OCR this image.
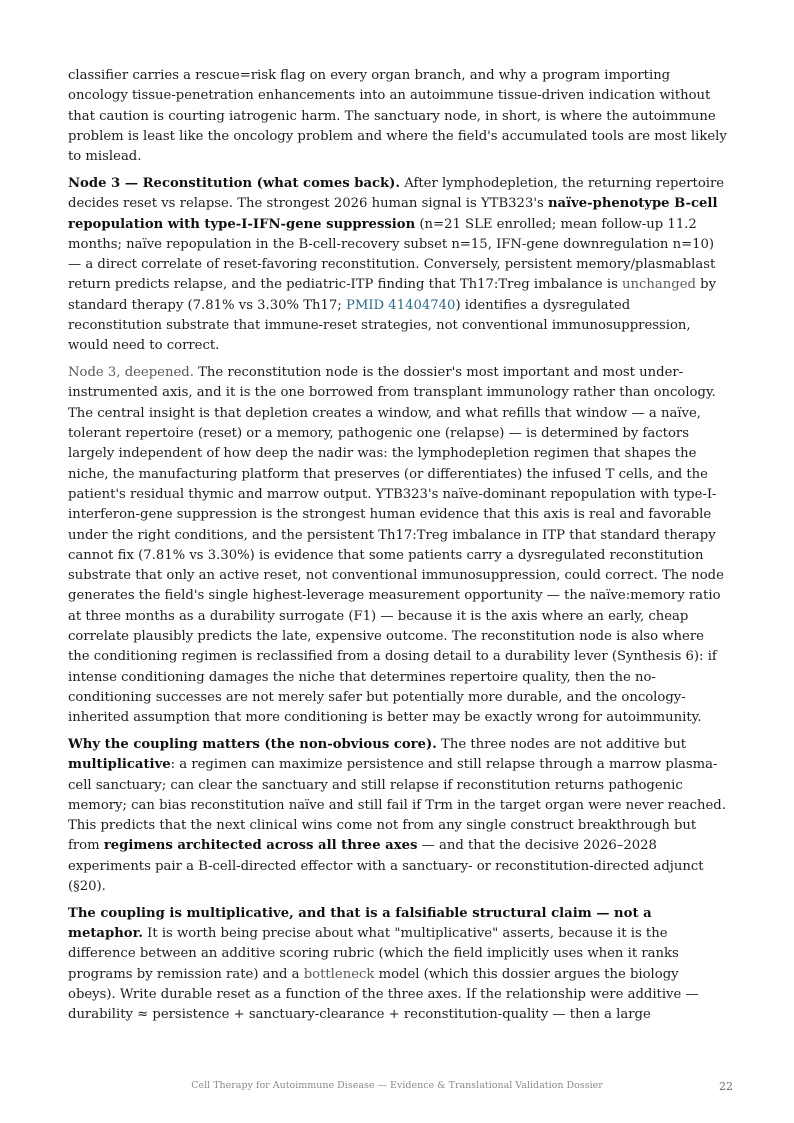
classifier carries a rescue=risk flag on every organ branch, and why a program importing oncology tissue-penetration enhancements into an autoimmune tissue-driven indication without that caution is courting iatrogenic harm. The sanctuary node, in short, is where the autoimmune problem is least like the oncology problem and where the field's accumulated tools are most likely to mislead.

Node 3 — Reconstitution (what comes back). After lymphodepletion, the returning repertoire decides reset vs relapse. The strongest 2026 human signal is YTB323's naïve-phenotype B-cell repopulation with type-I-IFN-gene suppression (n=21 SLE enrolled; mean follow-up 11.2 months; naïve repopulation in the B-cell-recovery subset n=15, IFN-gene downregulation n=10) — a direct correlate of reset-favoring reconstitution. Conversely, persistent memory/plasmablast return predicts relapse, and the pediatric-ITP finding that Th17:Treg imbalance is unchanged by standard therapy (7.81% vs 3.30% Th17; PMID 41404740) identifies a dysregulated reconstitution substrate that immune-reset strategies, not conventional immunosuppression, would need to correct.

Node 3, deepened. The reconstitution node is the dossier's most important and most under-instrumented axis, and it is the one borrowed from transplant immunology rather than oncology. The central insight is that depletion creates a window, and what refills that window — a naïve, tolerant repertoire (reset) or a memory, pathogenic one (relapse) — is determined by factors largely independent of how deep the nadir was: the lymphodepletion regimen that shapes the niche, the manufacturing platform that preserves (or differentiates) the infused T cells, and the patient's residual thymic and marrow output. YTB323's naïve-dominant repopulation with type-I-interferon-gene suppression is the strongest human evidence that this axis is real and favorable under the right conditions, and the persistent Th17:Treg imbalance in ITP that standard therapy cannot fix (7.81% vs 3.30%) is evidence that some patients carry a dysregulated reconstitution substrate that only an active reset, not conventional immunosuppression, could correct. The node generates the field's single highest-leverage measurement opportunity — the naïve:memory ratio at three months as a durability surrogate (F1) — because it is the axis where an early, cheap correlate plausibly predicts the late, expensive outcome. The reconstitution node is also where the conditioning regimen is reclassified from a dosing detail to a durability lever (Synthesis 6): if intense conditioning damages the niche that determines repertoire quality, then the no-conditioning successes are not merely safer but potentially more durable, and the oncology-inherited assumption that more conditioning is better may be exactly wrong for autoimmunity.

Why the coupling matters (the non-obvious core). The three nodes are not additive but multiplicative: a regimen can maximize persistence and still relapse through a marrow plasma-cell sanctuary; can clear the sanctuary and still relapse if reconstitution returns pathogenic memory; can bias reconstitution naïve and still fail if Trm in the target organ were never reached. This predicts that the next clinical wins come not from any single construct breakthrough but from regimens architected across all three axes — and that the decisive 2026–2028 experiments pair a B-cell-directed effector with a sanctuary- or reconstitution-directed adjunct (§20).

The coupling is multiplicative, and that is a falsifiable structural claim — not a metaphor. It is worth being precise about what "multiplicative" asserts, because it is the difference between an additive scoring rubric (which the field implicitly uses when it ranks programs by remission rate) and a bottleneck model (which this dossier argues the biology obeys). Write durable reset as a function of the three axes. If the relationship were additive — durability ≈ persistence + sanctuary-clearance + reconstitution-quality — then a large

Cell Therapy for Autoimmune Disease — Evidence & Translational Validation Dossier	22
